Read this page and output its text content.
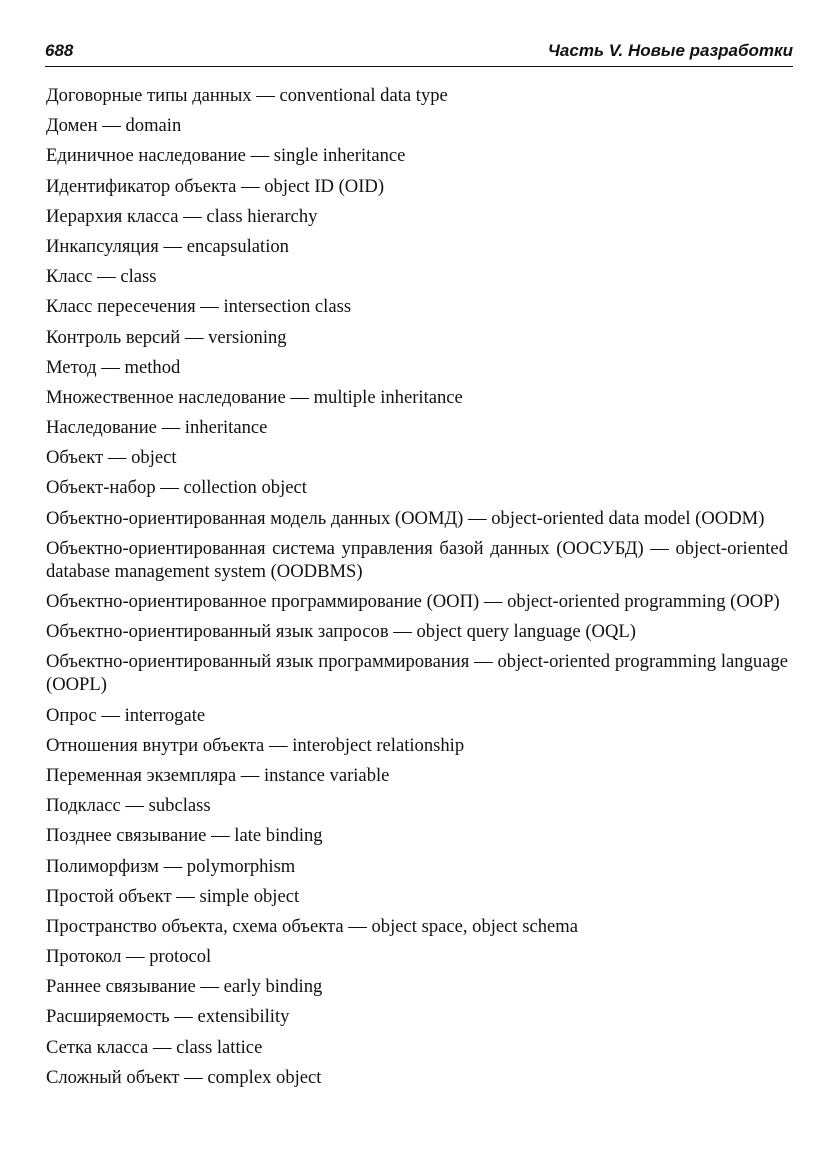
688	Часть V. Новые разработки
Договорные типы данных — conventional data type
Домен — domain
Единичное наследование — single inheritance
Идентификатор объекта — object ID (OID)
Иерархия класса — class hierarchy
Инкапсуляция — encapsulation
Класс — class
Класс пересечения — intersection class
Контроль версий — versioning
Метод — method
Множественное наследование — multiple inheritance
Наследование — inheritance
Объект — object
Объект-набор — collection object
Объектно-ориентированная модель данных (ООМД) — object-oriented data model (OODM)
Объектно-ориентированная система управления базой данных (ООСУБД) — object-oriented database management system (OODBMS)
Объектно-ориентированное программирование (ООП) — object-oriented programming (OOP)
Объектно-ориентированный язык запросов — object query language (OQL)
Объектно-ориентированный язык программирования — object-oriented programming language (OOPL)
Опрос — interrogate
Отношения внутри объекта — interobject relationship
Переменная экземпляра — instance variable
Подкласс — subclass
Позднее связывание — late binding
Полиморфизм — polymorphism
Простой объект — simple object
Пространство объекта, схема объекта — object space, object schema
Протокол — protocol
Раннее связывание — early binding
Расширяемость — extensibility
Сетка класса — class lattice
Сложный объект — complex object
